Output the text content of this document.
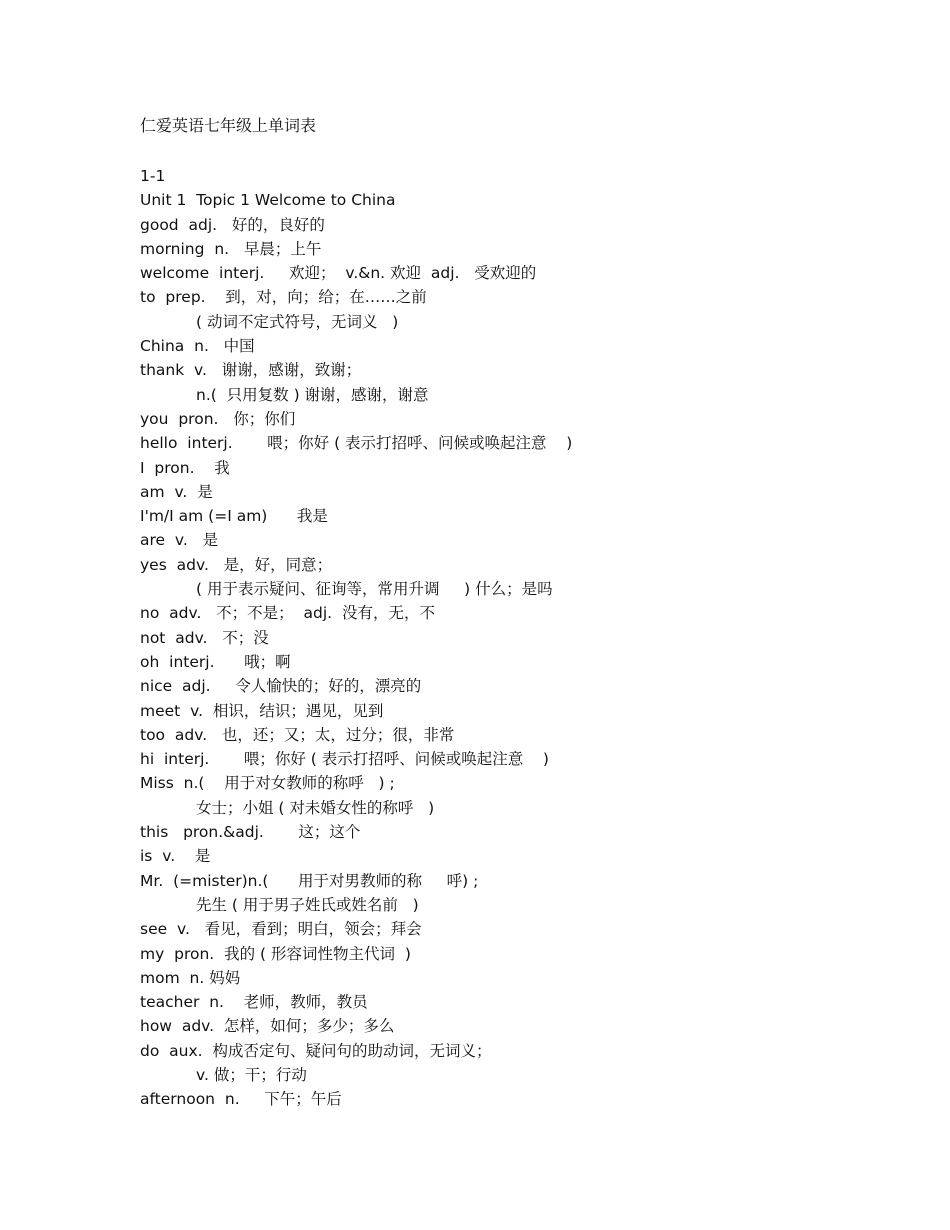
仁爱英语七年级上单词表
1-1
Unit 1  Topic 1 Welcome to China
good  adj.   好的，良好的
morning  n.   早晨；上午
welcome  interj.     欢迎；  v.&n. 欢迎  adj.   受欢迎的
to  prep.    到，对，向；给；在……之前
( 动词不定式符号，无词义   )
China  n.   中国
thank  v.   谢谢，感谢，致谢；
n.(  只用复数 ) 谢谢，感谢，谢意
you  pron.   你；你们
hello  interj.       喂；你好 ( 表示打招呼、问候或唤起注意    )
I  pron.    我
am  v.  是
I'm/I am (=I am)      我是
are  v.   是
yes  adv.   是，好，同意；
( 用于表示疑问、征询等，常用升调     ) 什么；是吗
no  adv.   不；不是；  adj.  没有，无，不
not  adv.   不；没
oh  interj.      哦；啊
nice  adj.     令人愉快的；好的，漂亮的
meet  v.  相识，结识；遇见，见到
too  adv.   也，还；又；太，过分；很，非常
hi  interj.       喂；你好 ( 表示打招呼、问候或唤起注意    )
Miss  n.(    用于对女教师的称呼   ) ;
女士；小姐 ( 对未婚女性的称呼   )
this   pron.&adj.       这；这个
is  v.    是
Mr.  (=mister)n.(      用于对男教师的称     呼) ;
先生 ( 用于男子姓氏或姓名前   )
see  v.   看见，看到；明白，领会；拜会
my  pron.  我的 ( 形容词性物主代词  )
mom  n. 妈妈
teacher  n.    老师，教师，教员
how  adv.  怎样，如何；多少；多么
do  aux.  构成否定句、疑问句的助动词，无词义；
v. 做；干；行动
afternoon  n.     下午；午后
